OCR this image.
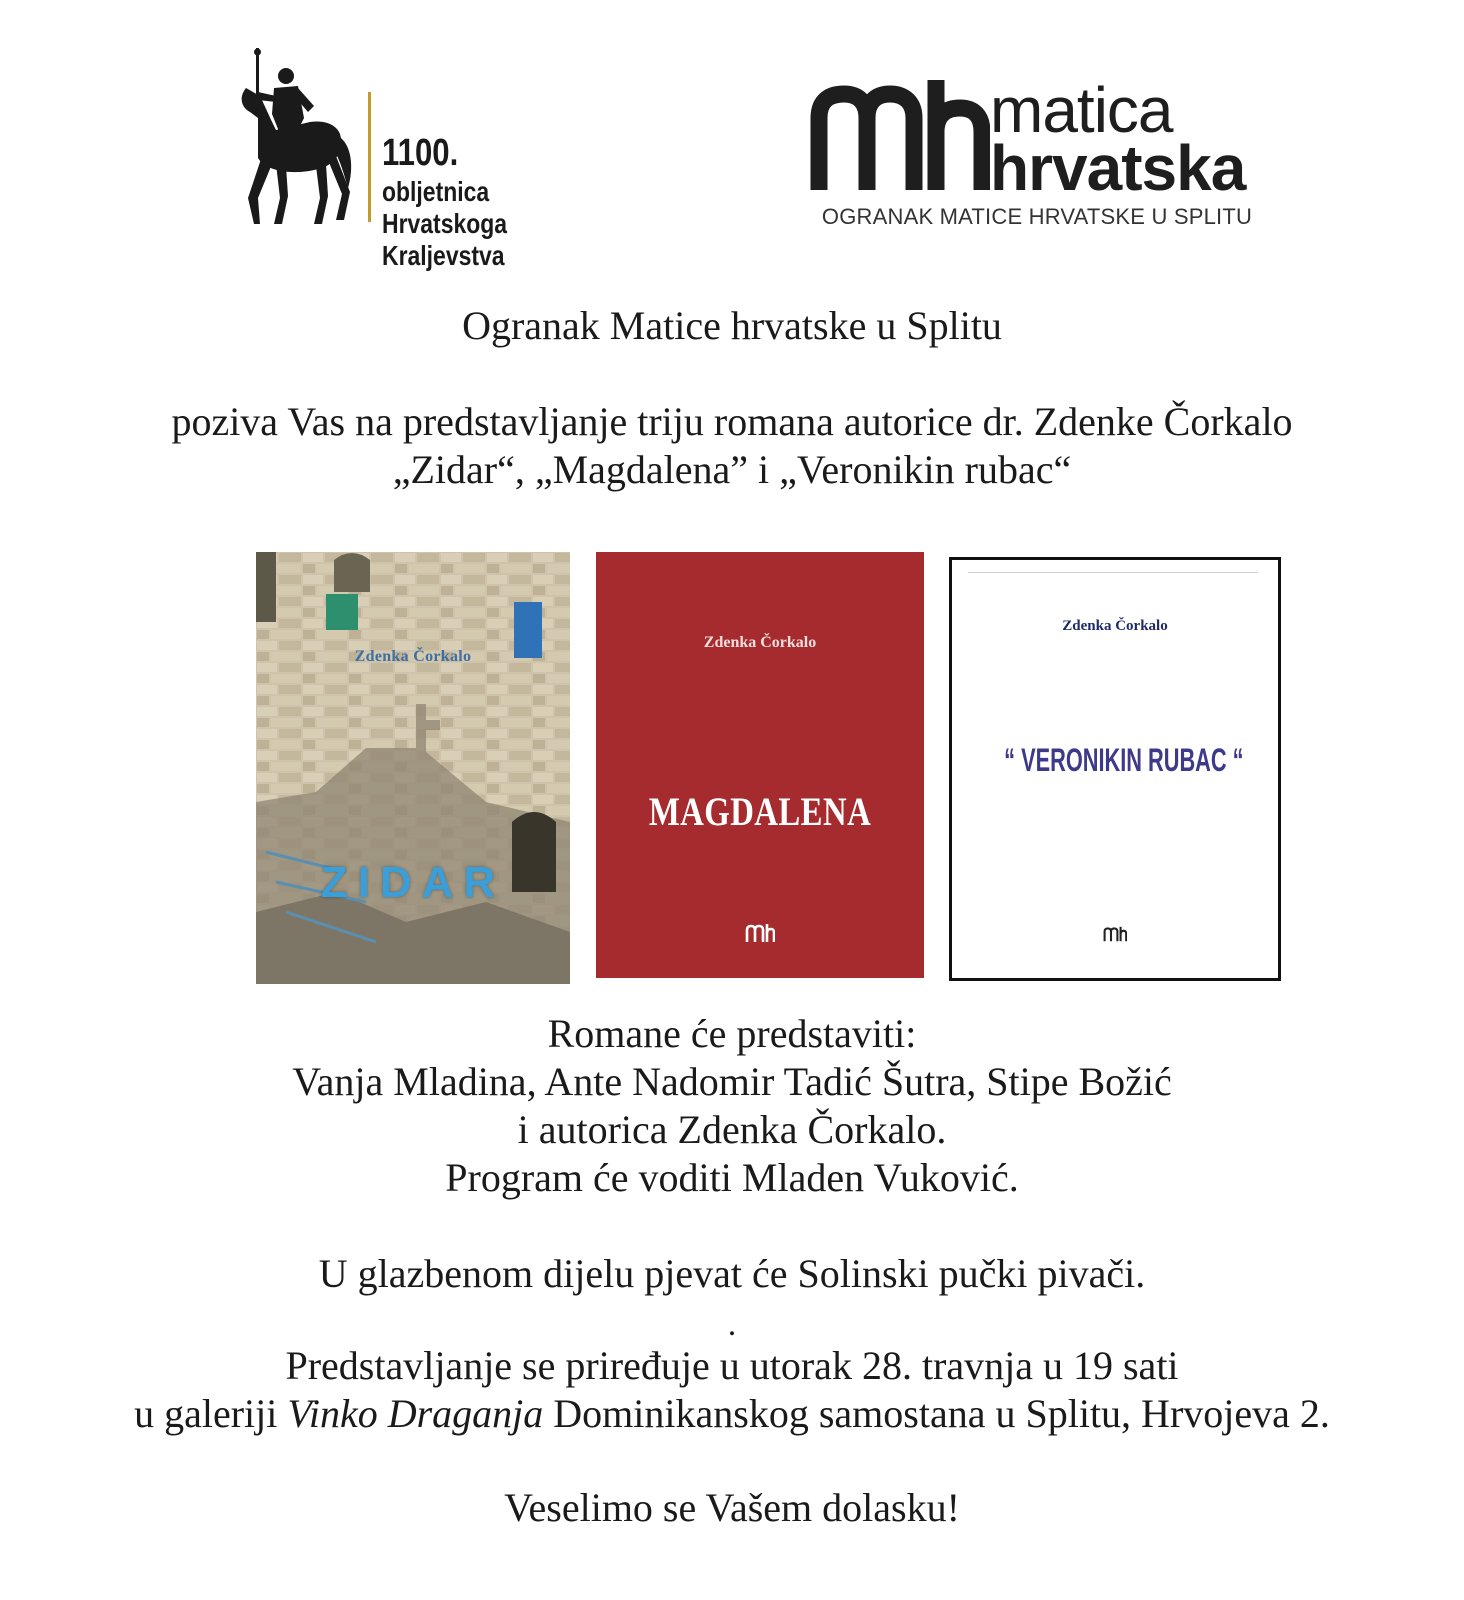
1100.
obljetnica
Hrvatskoga
Kraljevstva
matica
hrvatska
OGRANAK MATICE HRVATSKE U SPLITU
Ogranak Matice hrvatske u Splitu
poziva Vas na predstavljanje triju romana autorice dr. Zdenke Čorkalo
„Zidar“, „Magdalena” i „Veronikin rubac“
Zdenka Čorkalo
ZIDAR
Zdenka Čorkalo
MAGDALENA
Zdenka Čorkalo
“ VERONIKIN RUBAC “
Romane će predstaviti:
Vanja Mladina, Ante Nadomir Tadić Šutra, Stipe Božić
i autorica Zdenka Čorkalo.
Program će voditi Mladen Vuković.
U glazbenom dijelu pjevat će Solinski pučki pivači.
.
Predstavljanje se priređuje u utorak 28. travnja u 19 sati
u galeriji Vinko Draganja Dominikanskog samostana u Splitu, Hrvojeva 2.
Veselimo se Vašem dolasku!
